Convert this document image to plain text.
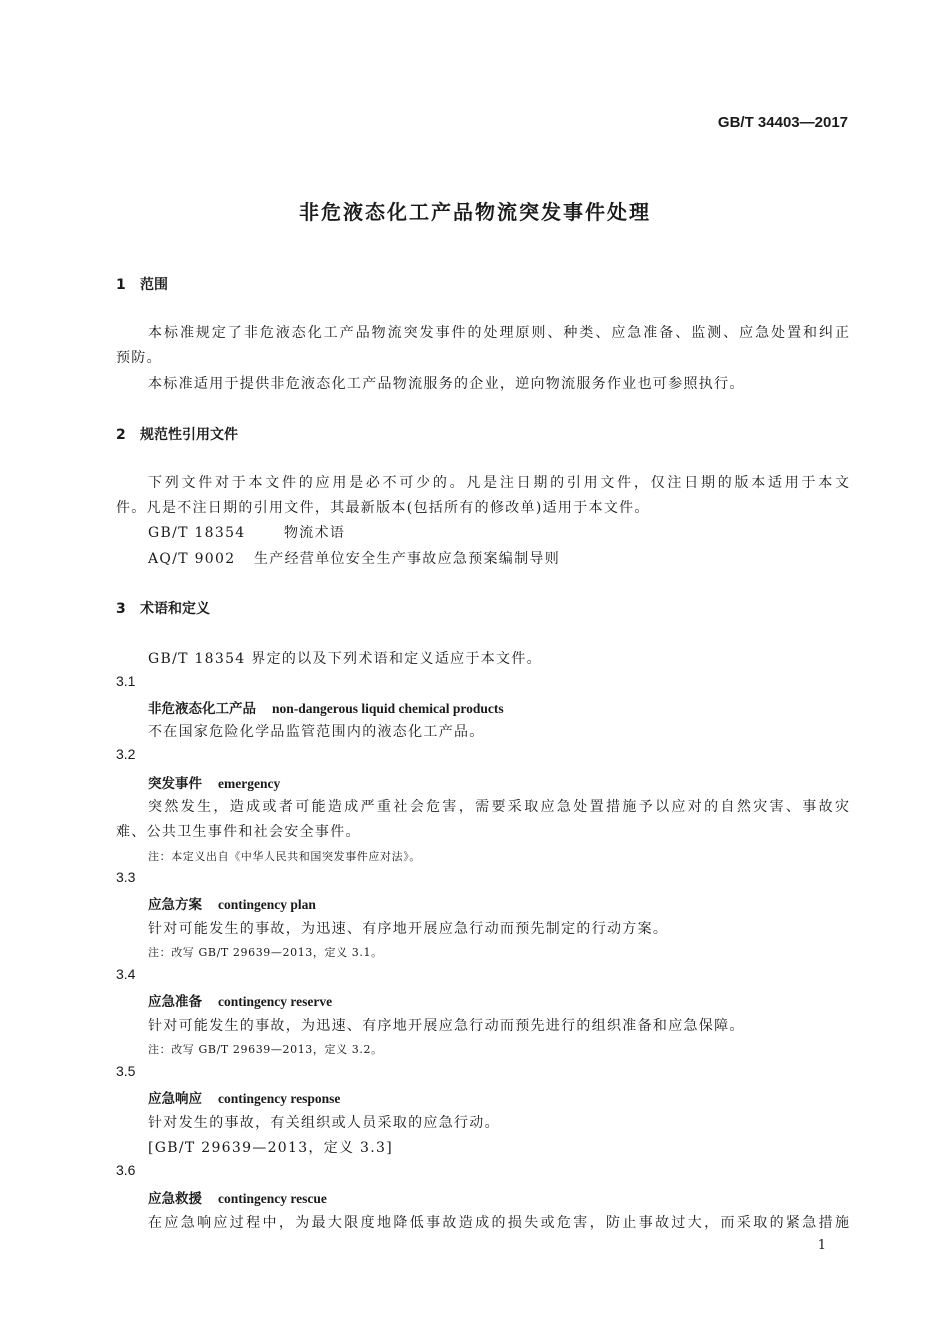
GB/T 34403—2017
非危液态化工产品物流突发事件处理
1 范围
本标准规定了非危液态化工产品物流突发事件的处理原则、种类、应急准备、监测、应急处置和纠正
预防。
本标准适用于提供非危液态化工产品物流服务的企业，逆向物流服务作业也可参照执行。
2 规范性引用文件
下列文件对于本文件的应用是必不可少的。凡是注日期的引用文件，仅注日期的版本适用于本文
件。凡是不注日期的引用文件，其最新版本(包括所有的修改单)适用于本文件。
GB/T 18354	物流术语
AQ/T 9002 生产经营单位安全生产事故应急预案编制导则
3 术语和定义
GB/T 18354 界定的以及下列术语和定义适应于本文件。
3.1
非危液态化工产品 non-dangerous liquid chemical products
不在国家危险化学品监管范围内的液态化工产品。
3.2
突发事件 emergency
突然发生，造成或者可能造成严重社会危害，需要采取应急处置措施予以应对的自然灾害、事故灾
难、公共卫生事件和社会安全事件。
注：本定义出自《中华人民共和国突发事件应对法》。
3.3
应急方案 contingency plan
针对可能发生的事故，为迅速、有序地开展应急行动而预先制定的行动方案。
注：改写 GB/T 29639—2013，定义 3.1。
3.4
应急准备 contingency reserve
针对可能发生的事故，为迅速、有序地开展应急行动而预先进行的组织准备和应急保障。
注：改写 GB/T 29639—2013，定义 3.2。
3.5
应急响应 contingency response
针对发生的事故，有关组织或人员采取的应急行动。
[GB/T 29639—2013，定义 3.3]
3.6
应急救援 contingency rescue
在应急响应过程中，为最大限度地降低事故造成的损失或危害，防止事故过大，而采取的紧急措施
1
